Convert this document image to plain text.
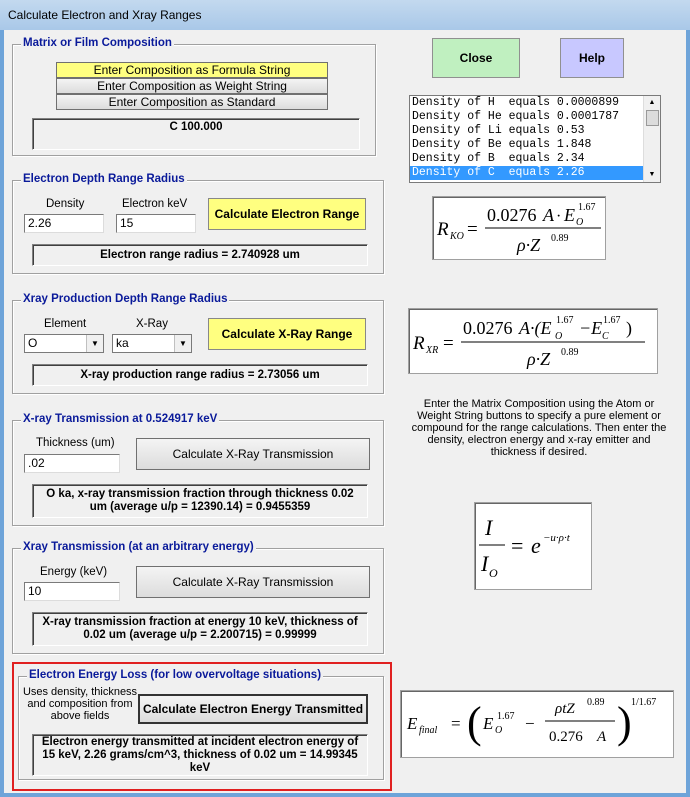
Calculate Electron and Xray Ranges
Matrix or Film Composition
Enter Composition as Formula String
Enter Composition as Weight String
Enter Composition as Standard
C 100.000
Close	Help
Density of H  equals 0.0000899
Density of He equals 0.0001787
Density of Li equals 0.53
Density of Be equals 1.848
Density of B  equals 2.34
Density of C  equals 2.26
▲
▼
R KO =
0.0276 A · E O
1.67
ρ·Z 0.89
R XR =
0.0276 A·(E O
1.67 −E C
1.67 )
ρ·Z 0.89
Enter the Matrix Composition using the Atom or Weight String buttons to specify a pure element or compound for the range calculations. Then enter the density, electron energy and x-ray emitter and thickness if desired.
I
I O
= e −u·ρ·t
E final = ( E O
1.67 −
ρtZ 0.89
0.276 A ) 1/1.67
Electron Depth Range Radius
Density
2.26
Electron keV
15
Calculate Electron Range
Electron range radius = 2.740928 um
Xray Production Depth Range Radius
Element
O	▼
X-Ray
ka	▼
Calculate X-Ray Range
X-ray production range radius = 2.73056 um
X-ray Transmission at 0.524917 keV
Thickness (um)
.02
Calculate X-Ray Transmission
O ka, x-ray transmission fraction through thickness 0.02 um (average u/p = 12390.14) = 0.9455359
Xray Transmission (at an arbitrary energy)
Energy (keV)
10
Calculate X-Ray Transmission
X-ray transmission fraction at energy 10 keV, thickness of 0.02 um (average u/p = 2.200715) = 0.99999
Electron Energy Loss (for low overvoltage situations)
Uses density, thickness and composition from above fields	Calculate Electron Energy Transmitted
Electron energy transmitted at incident electron energy of 15 keV, 2.26 grams/cm^3, thickness of 0.02 um = 14.99345 keV
